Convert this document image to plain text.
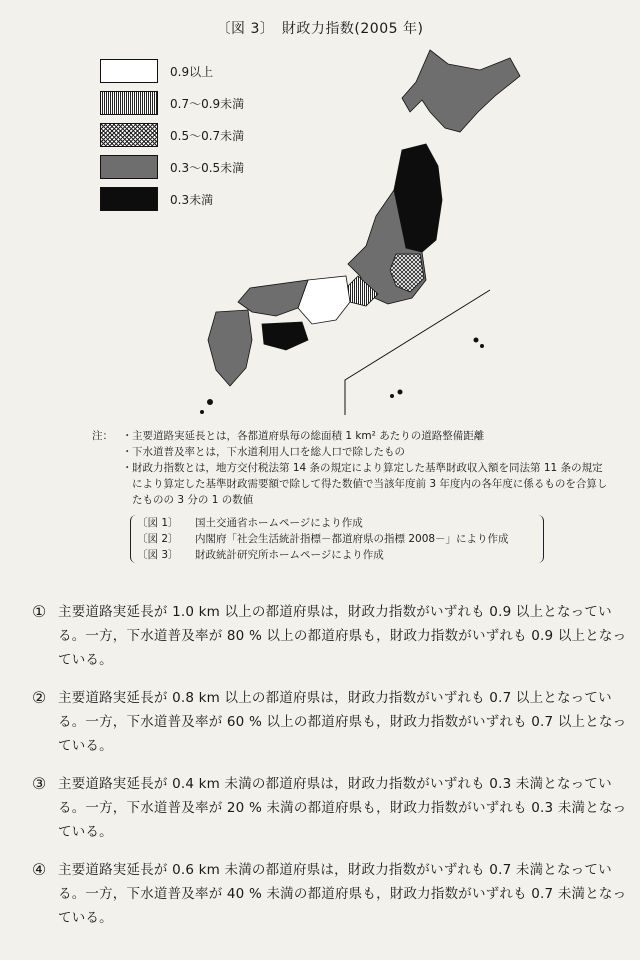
〔図 3〕　財政力指数(2005 年)
0.9以上
0.7〜0.9未満
0.5〜0.7未満
0.3〜0.5未満
0.3未満
注： ・ 主要道路実延長とは，各都道府県毎の総面積 1 km² あたりの道路整備距離
・ 下水道普及率とは，下水道利用人口を総人口で除したもの
・ 財政力指数とは，地方交付税法第 14 条の規定により算定した基準財政収入額を同法第 11 条の規定により算定した基準財政需要額で除して得た数値で当該年度前 3 年度内の各年度に係るものを合算したものの 3 分の 1 の数値
〔図 1〕	国土交通省ホームページにより作成
〔図 2〕	内閣府「社会生活統計指標－都道府県の指標 2008－」により作成
〔図 3〕	財政統計研究所ホームページにより作成
① 主要道路実延長が 1.0 km 以上の都道府県は，財政力指数がいずれも 0.9 以上となっている。一方，下水道普及率が 80 % 以上の都道府県も，財政力指数がいずれも 0.9 以上となっている。
② 主要道路実延長が 0.8 km 以上の都道府県は，財政力指数がいずれも 0.7 以上となっている。一方，下水道普及率が 60 % 以上の都道府県も，財政力指数がいずれも 0.7 以上となっている。
③ 主要道路実延長が 0.4 km 未満の都道府県は，財政力指数がいずれも 0.3 未満となっている。一方，下水道普及率が 20 % 未満の都道府県も，財政力指数がいずれも 0.3 未満となっている。
④ 主要道路実延長が 0.6 km 未満の都道府県は，財政力指数がいずれも 0.7 未満となっている。一方，下水道普及率が 40 % 未満の都道府県も，財政力指数がいずれも 0.7 未満となっている。
